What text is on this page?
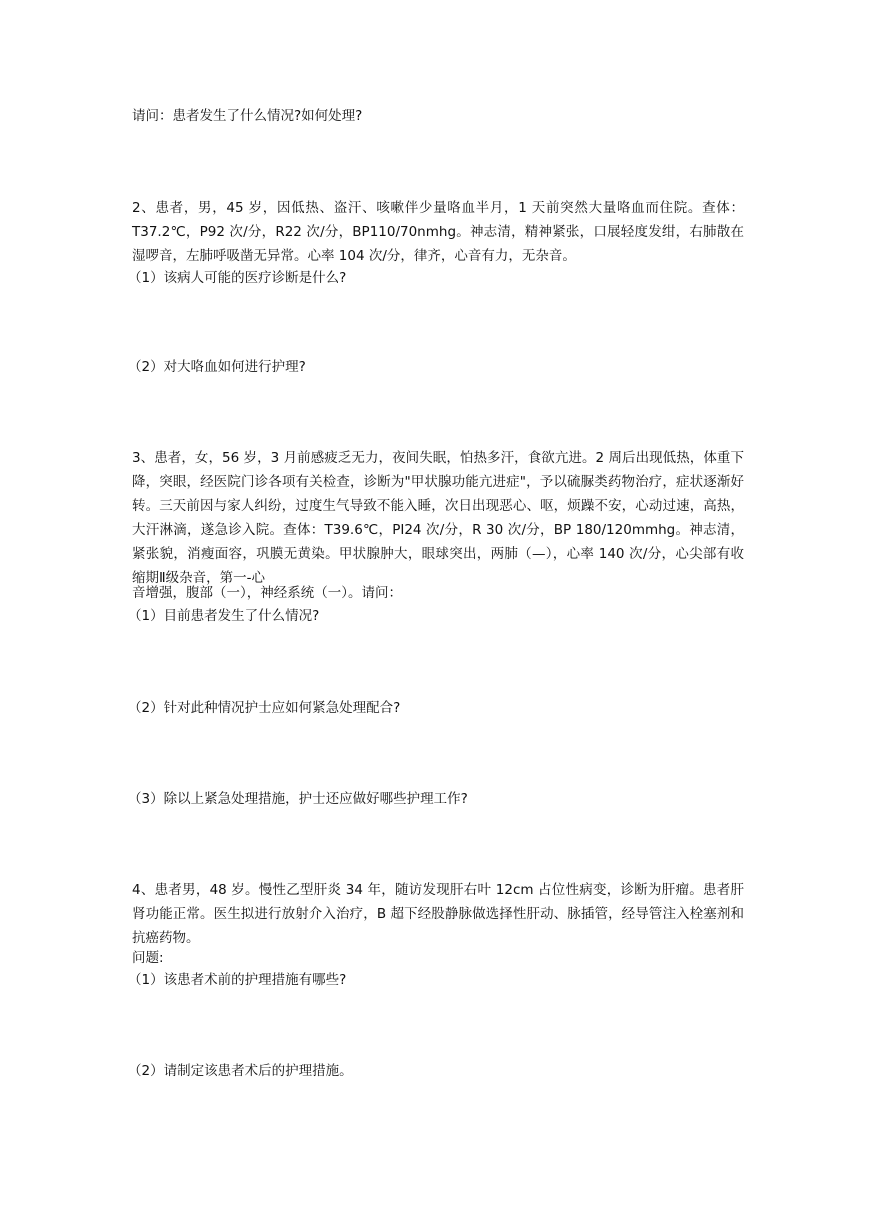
请问：患者发生了什么情况?如何处理?
2、患者，男，45 岁，因低热、盗汗、咳嗽伴少量咯血半月，1 天前突然大量咯血而住院。查体：T37.2℃，P92 次/分，R22 次/分，BP110/70nmhg。神志清，精神紧张，口展轻度发绀，右肺散在湿啰音，左肺呼吸凿无异常。心率 104 次/分，律齐，心音有力，无杂音。
（1）该病人可能的医疗诊断是什么?
（2）对大咯血如何进行护理?
3、患者，女，56 岁，3 月前感疲乏无力，夜间失眠，怕热多汗，食欲亢进。2 周后出现低热，体重下降，突眼，经医院门诊各项有关检查，诊断为"甲状腺功能亢进症"，予以硫脲类药物治疗，症状逐渐好转。三天前因与家人纠纷，过度生气导致不能入睡，次日出现恶心、呕，烦躁不安，心动过速，高热，大汗淋滴，遂急诊入院。查体：T39.6℃，PI24 次/分，R 30 次/分，BP 180/120mmhg。神志清，紧张貌，消瘦面容，巩膜无黄染。甲状腺肿大，眼球突出，两肺（—），心率 140 次/分，心尖部有收缩期Ⅱ级杂音，第一-心
音增强，腹部（一），神经系统（一）。请问：
（1）目前患者发生了什么情况?
（2）针对此种情况护士应如何紧急处理配合?
（3）除以上紧急处理措施，护士还应做好哪些护理工作?
4、患者男，48 岁。慢性乙型肝炎 34 年，随访发现肝右叶 12cm 占位性病变，诊断为肝瘤。患者肝肾功能正常。医生拟进行放射介入治疗，B 超下经股静脉做选择性肝动、脉插管，经导管注入栓塞剂和抗癌药物。
问题:
（1）该患者术前的护理措施有哪些?
（2）请制定该患者术后的护理措施。
